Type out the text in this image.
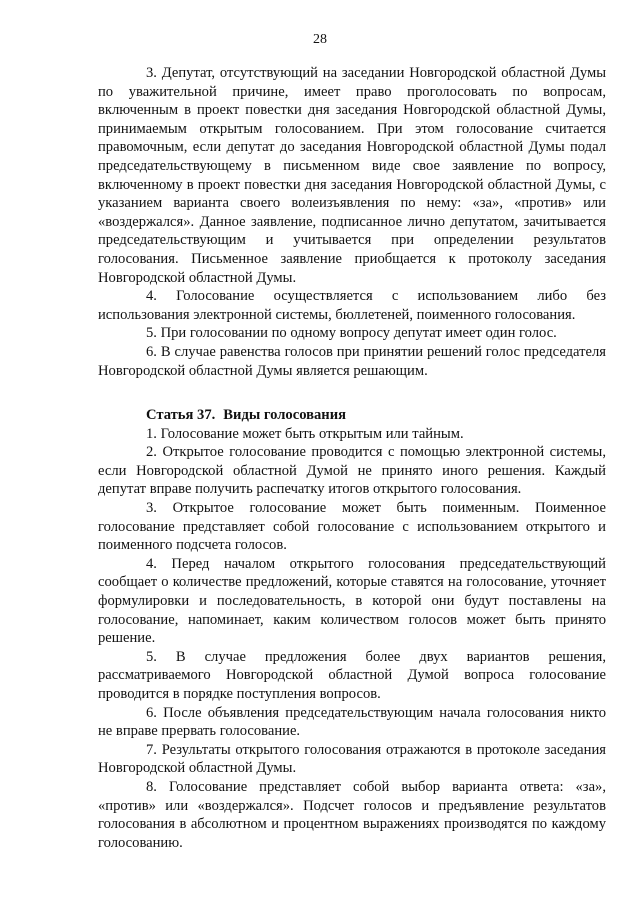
28

3. Депутат, отсутствующий на заседании Новгородской областной Думы по уважительной причине, имеет право проголосовать по вопросам, включенным в проект повестки дня заседания Новгородской областной Думы, принимаемым открытым голосованием. При этом голосование считается правомочным, если депутат до заседания Новгородской областной Думы подал председательствующему в письменном виде свое заявление по вопросу, включенному в проект повестки дня заседания Новгородской областной Думы, с указанием варианта своего волеизъявления по нему: «за», «против» или «воздержался». Данное заявление, подписанное лично депутатом, зачитывается председательствующим и учитывается при определении результатов голосования. Письменное заявление приобщается к протоколу заседания Новгородской областной Думы.

4. Голосование осуществляется с использованием либо без использования электронной системы, бюллетеней, поименного голосования.

5. При голосовании по одному вопросу депутат имеет один голос.

6. В случае равенства голосов при принятии решений голос председателя Новгородской областной Думы является решающим.

Статья 37. Виды голосования

1. Голосование может быть открытым или тайным.

2. Открытое голосование проводится с помощью электронной системы, если Новгородской областной Думой не принято иного решения. Каждый депутат вправе получить распечатку итогов открытого голосования.

3. Открытое голосование может быть поименным. Поименное голосование представляет собой голосование с использованием открытого и поименного подсчета голосов.

4. Перед началом открытого голосования председательствующий сообщает о количестве предложений, которые ставятся на голосование, уточняет формулировки и последовательность, в которой они будут поставлены на голосование, напоминает, каким количеством голосов может быть принято решение.

5. В случае предложения более двух вариантов решения, рассматриваемого Новгородской областной Думой вопроса голосование проводится в порядке поступления вопросов.

6. После объявления председательствующим начала голосования никто не вправе прервать голосование.

7. Результаты открытого голосования отражаются в протоколе заседания Новгородской областной Думы.

8. Голосование представляет собой выбор варианта ответа: «за», «против» или «воздержался». Подсчет голосов и предъявление результатов голосования в абсолютном и процентном выражениях производятся по каждому голосованию.
